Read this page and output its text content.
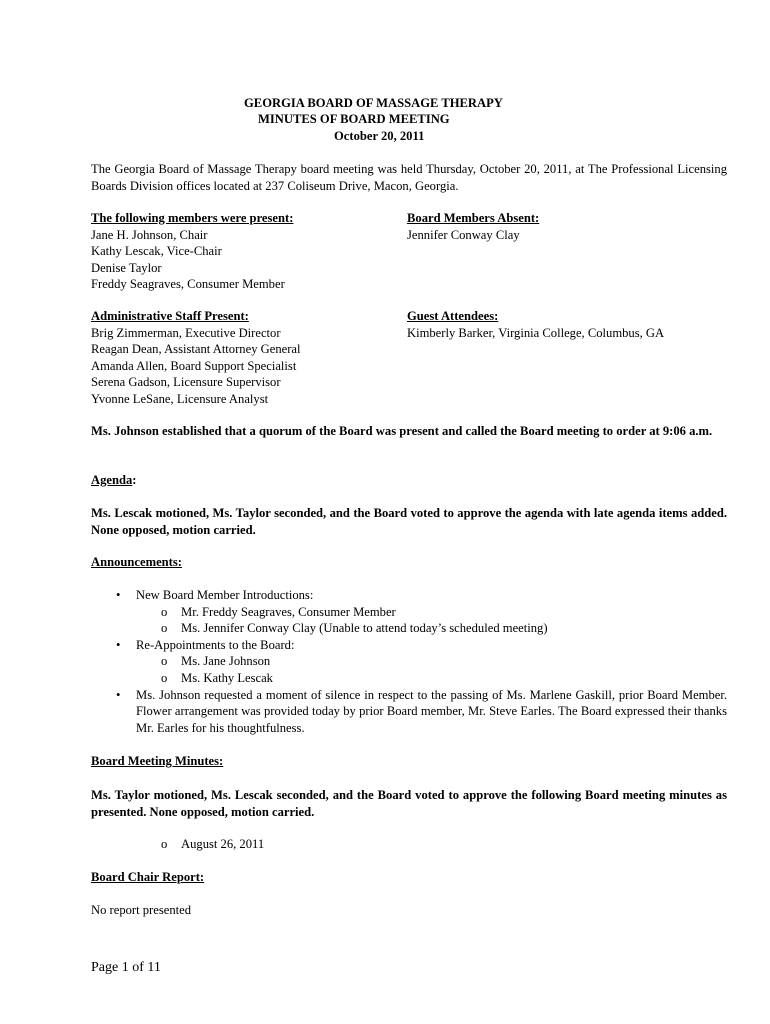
GEORGIA BOARD OF MASSAGE THERAPY
MINUTES OF BOARD MEETING
October 20, 2011
The Georgia Board of Massage Therapy board meeting was held Thursday, October 20, 2011, at The Professional Licensing Boards Division offices located at 237 Coliseum Drive, Macon, Georgia.
The following members were present:
Jane H. Johnson, Chair
Kathy Lescak, Vice-Chair
Denise Taylor
Freddy Seagraves, Consumer Member
Board Members Absent:
Jennifer Conway Clay
Administrative Staff Present:
Brig Zimmerman, Executive Director
Reagan Dean, Assistant Attorney General
Amanda Allen, Board Support Specialist
Serena Gadson, Licensure Supervisor
Yvonne LeSane, Licensure Analyst
Guest Attendees:
Kimberly Barker, Virginia College, Columbus, GA
Ms. Johnson established that a quorum of the Board was present and called the Board meeting to order at 9:06 a.m.
Agenda:
Ms. Lescak motioned, Ms. Taylor seconded, and the Board voted to approve the agenda with late agenda items added. None opposed, motion carried.
Announcements:
• New Board Member Introductions:
o Mr. Freddy Seagraves, Consumer Member
o Ms. Jennifer Conway Clay (Unable to attend today’s scheduled meeting)
• Re-Appointments to the Board:
o Ms. Jane Johnson
o Ms. Kathy Lescak
• Ms. Johnson requested a moment of silence in respect to the passing of Ms. Marlene Gaskill, prior Board Member. Flower arrangement was provided today by prior Board member, Mr. Steve Earles. The Board expressed their thanks Mr. Earles for his thoughtfulness.
Board Meeting Minutes:
Ms. Taylor motioned, Ms. Lescak seconded, and the Board voted to approve the following Board meeting minutes as presented. None opposed, motion carried.
o August 26, 2011
Board Chair Report:
No report presented
Page 1 of 11
